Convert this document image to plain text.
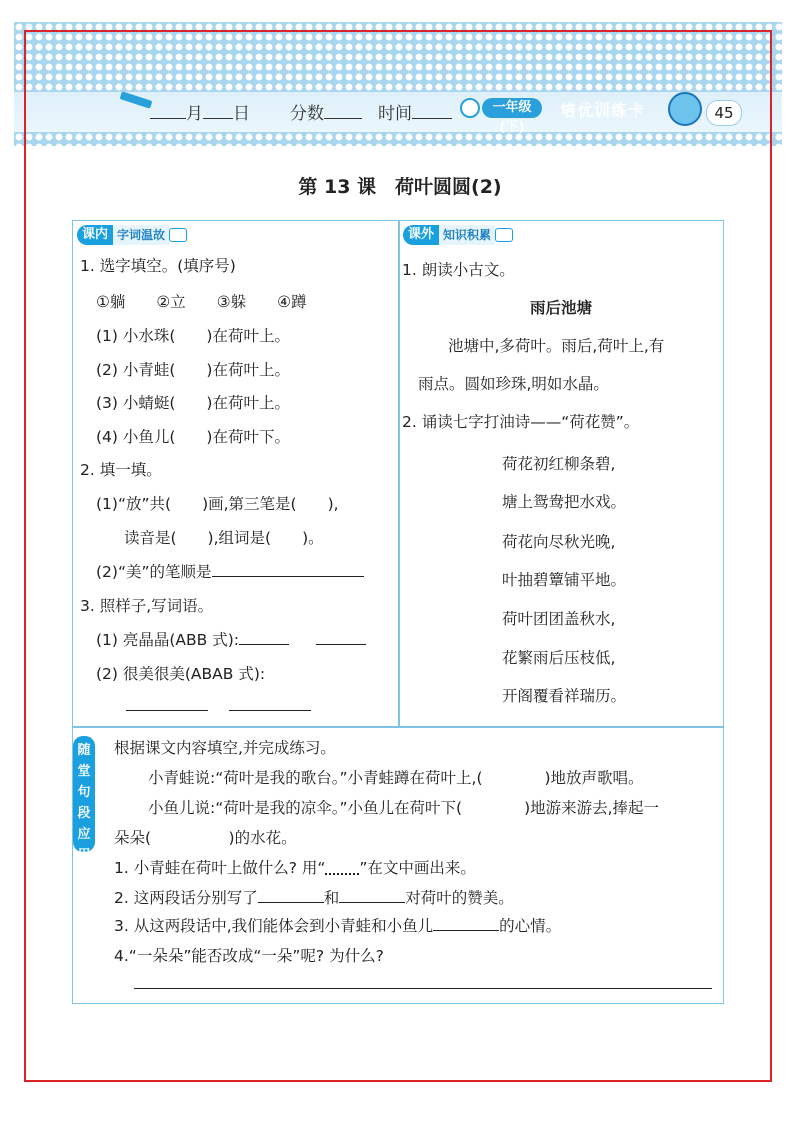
月 日 分数	时间	一年级(下)
培优训练卡	45
第 13 课　荷叶圆圆(2)
课内 字词温故
1. 选字填空。(填序号)
①躺　　②立　　③躲　　④蹲
(1) 小水珠(　　)在荷叶上。
(2) 小青蛙(　　)在荷叶上。
(3) 小蜻蜓(　　)在荷叶上。
(4) 小鱼儿(　　)在荷叶下。
2. 填一填。
(1)“放”共(　　)画,第三笔是(　　),
读音是(　　),组词是(　　)。
(2)“美”的笔顺是
3. 照样子,写词语。
(1) 亮晶晶(ABB 式):
(2) 很美很美(ABAB 式):

课外 知识积累
1. 朗读小古文。
雨后池塘
池塘中,多荷叶。雨后,荷叶上,有
雨点。圆如珍珠,明如水晶。
2. 诵读七字打油诗——“荷花赞”。
荷花初红柳条碧,
塘上鸳鸯把水戏。
荷花向尽秋光晚,
叶抽碧簟铺平地。
荷叶团团盖秋水,
花繁雨后压枝低,
开阁覆看祥瑞历。
随堂句段应用
根据课文内容填空,并完成练习。
小青蛙说:“荷叶是我的歌台。”小青蛙蹲在荷叶上,(　　　　)地放声歌唱。
小鱼儿说:“荷叶是我的凉伞。”小鱼儿在荷叶下(　　　　)地游来游去,捧起一
朵朵(　　　　　)的水花。
1. 小青蛙在荷叶上做什么? 用“ ”在文中画出来。
2. 这两段话分别写了	和	对荷叶的赞美。
3. 从这两段话中,我们能体会到小青蛙和小鱼儿	的心情。
4.“一朵朵”能否改成“一朵”呢? 为什么?
